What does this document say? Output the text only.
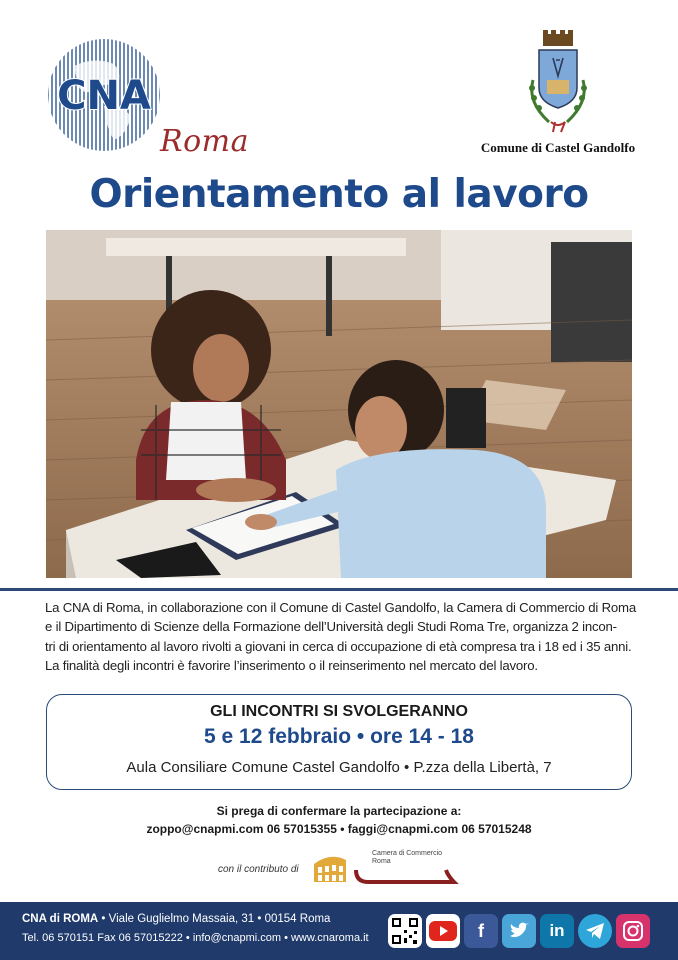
CNA
Roma	Comune di Castel Gandolfo
Orientamento al lavoro

La CNA di Roma, in collaborazione con il Comune di Castel Gandolfo, la Camera di Commercio di Roma

e il Dipartimento di Scienze della Formazione dell’Università degli Studi Roma Tre, organizza 2 incon-

tri di orientamento al lavoro rivolti a giovani in cerca di occupazione di età compresa tra i 18 ed i 35 anni.

La finalità degli incontri è favorire l’inserimento o il reinserimento nel mercato del lavoro.

GLI INCONTRI SI SVOLGERANNO
5 e 12 febbraio • ore 14 - 18
Aula Consiliare Comune Castel Gandolfo • P.zza della Libertà, 7
Si prega di confermare la partecipazione a:
zoppo@cnapmi.com 06 57015355 • faggi@cnapmi.com 06 57015248
con il contributo di
Camera di Commercio
Roma
CNA di ROMA • Viale Guglielmo Massaia, 31 • 00154 Roma
Tel. 06 570151 Fax 06 57015222 • info@cnapmi.com • www.cnaroma.it	f	in
